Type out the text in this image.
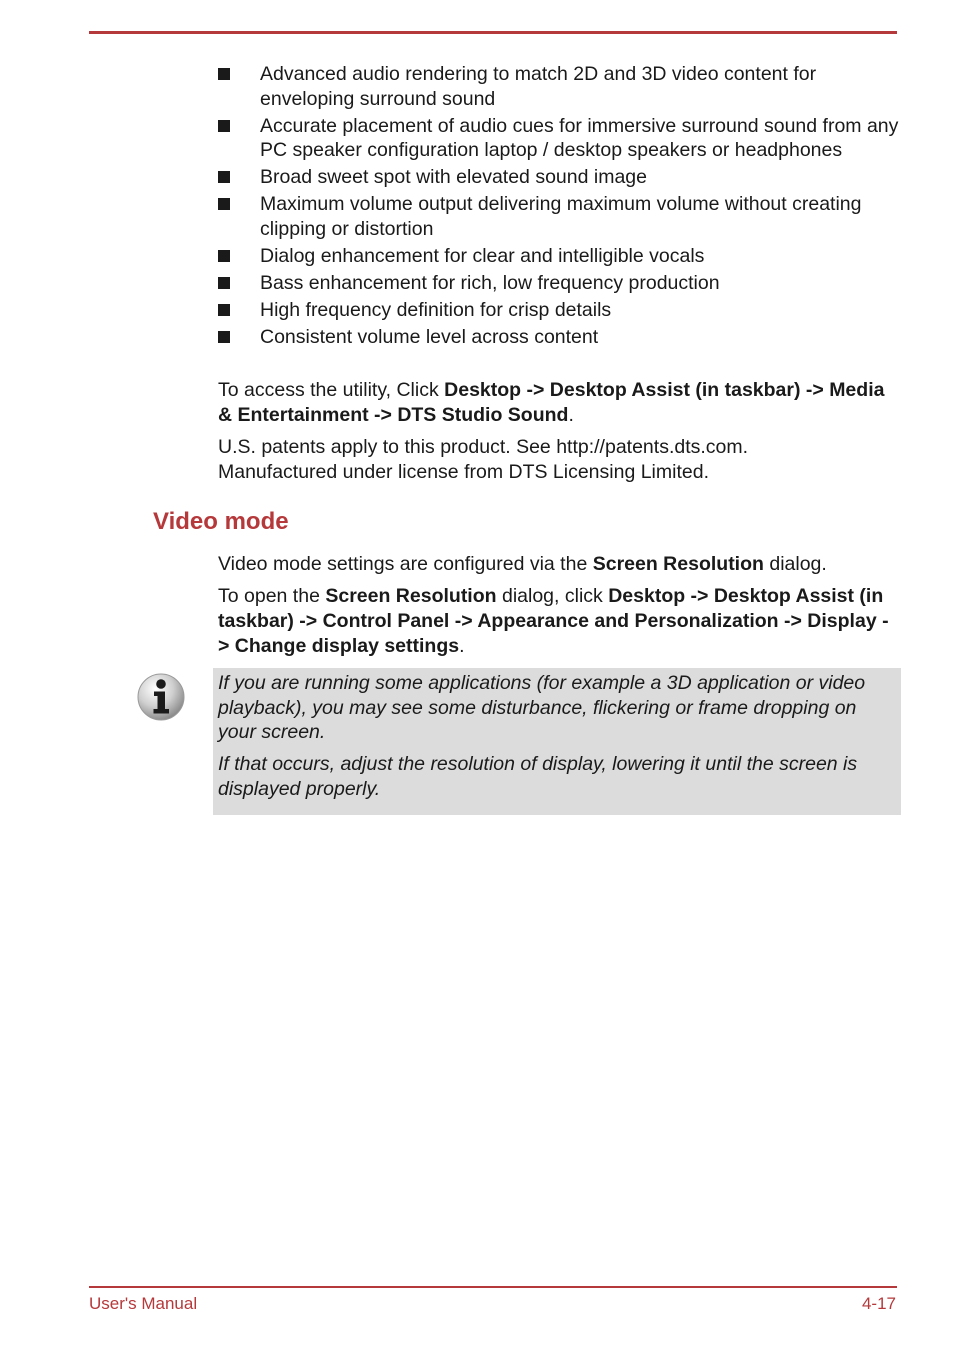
Advanced audio rendering to match 2D and 3D video content for enveloping surround sound
Accurate placement of audio cues for immersive surround sound from any PC speaker configuration laptop / desktop speakers or headphones
Broad sweet spot with elevated sound image
Maximum volume output delivering maximum volume without creating clipping or distortion
Dialog enhancement for clear and intelligible vocals
Bass enhancement for rich, low frequency production
High frequency definition for crisp details
Consistent volume level across content

To access the utility, Click Desktop -> Desktop Assist (in taskbar) -> Media & Entertainment -> DTS Studio Sound.

U.S. patents apply to this product. See http://patents.dts.com.
Manufactured under license from DTS Licensing Limited.

Video mode

Video mode settings are configured via the Screen Resolution dialog.

To open the Screen Resolution dialog, click Desktop -> Desktop Assist (in taskbar) -> Control Panel -> Appearance and Personalization -> Display -> Change display settings.

If you are running some applications (for example a 3D application or video playback), you may see some disturbance, flickering or frame dropping on your screen.

If that occurs, adjust the resolution of display, lowering it until the screen is displayed properly.

User's Manual	4-17
